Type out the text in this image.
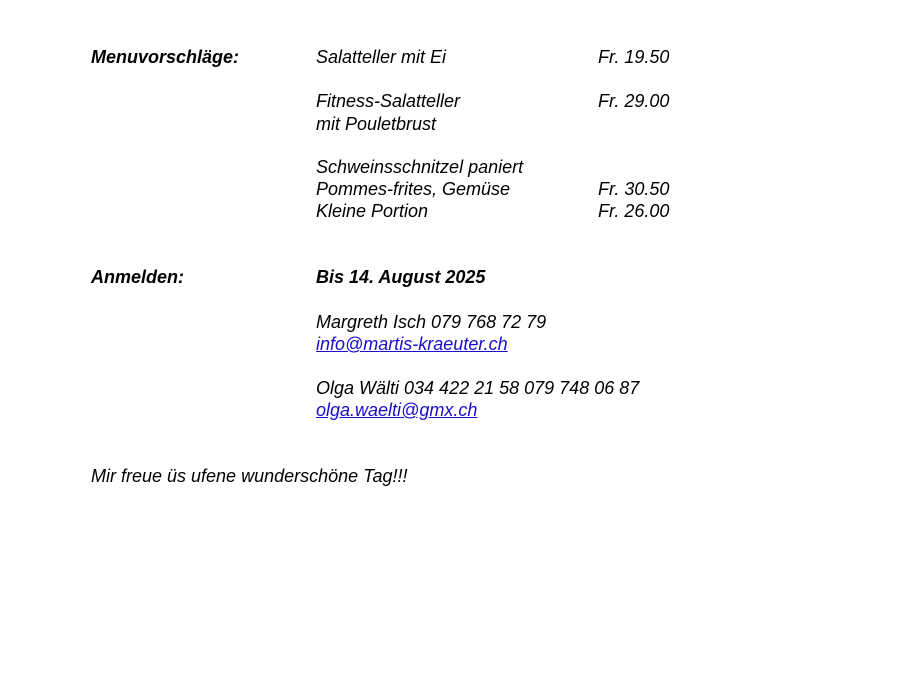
Menuvorschläge:	Salatteller mit Ei	Fr. 19.50
Fitness-Salatteller	Fr. 29.00
mit Pouletbrust
Schweinsschnitzel paniert
Pommes-frites, Gemüse	Fr. 30.50
Kleine Portion	Fr. 26.00
Anmelden:	Bis 14. August 2025
Margreth Isch 079 768 72 79
info@martis-kraeuter.ch
Olga Wälti 034 422 21 58 079 748 06 87
olga.waelti@gmx.ch
Mir freue üs ufene wunderschöne Tag!!!
